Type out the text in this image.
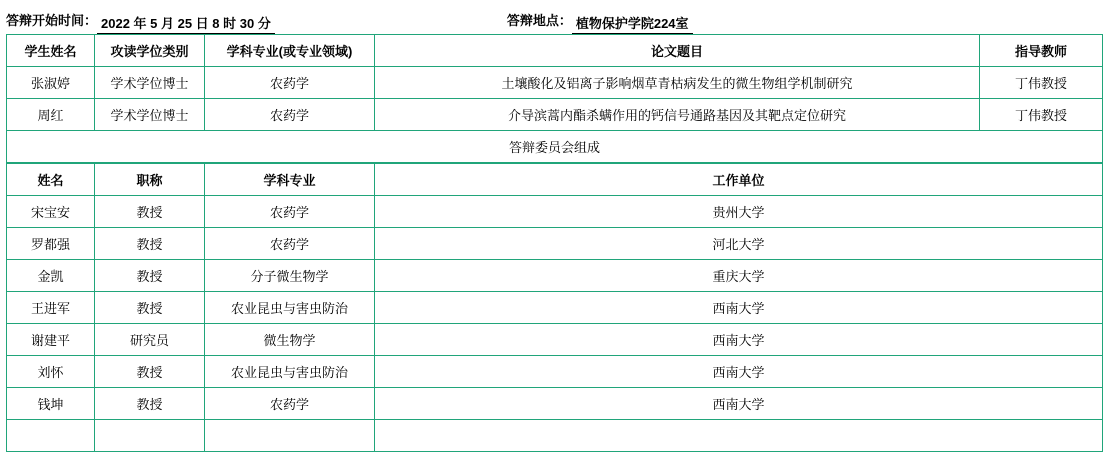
答辩开始时间： 2022 年 5 月 25 日 8 时 30 分	答辩地点： 植物保护学院224室
学生姓名	攻读学位类别	学科专业(或专业领域)	论文题目	指导教师
张淑婷	学术学位博士	农药学	土壤酸化及铝离子影响烟草青枯病发生的微生物组学机制研究	丁伟教授
周红	学术学位博士	农药学	介导滨蒿内酯杀螨作用的钙信号通路基因及其靶点定位研究	丁伟教授
答辩委员会组成				
姓名	职称	学科专业	工作单位
宋宝安	教授	农药学	贵州大学
罗都强	教授	农药学	河北大学
金凯	教授	分子微生物学	重庆大学
王进军	教授	农业昆虫与害虫防治	西南大学
谢建平	研究员	微生物学	西南大学
刘怀	教授	农业昆虫与害虫防治	西南大学
钱坤	教授	农药学	西南大学
